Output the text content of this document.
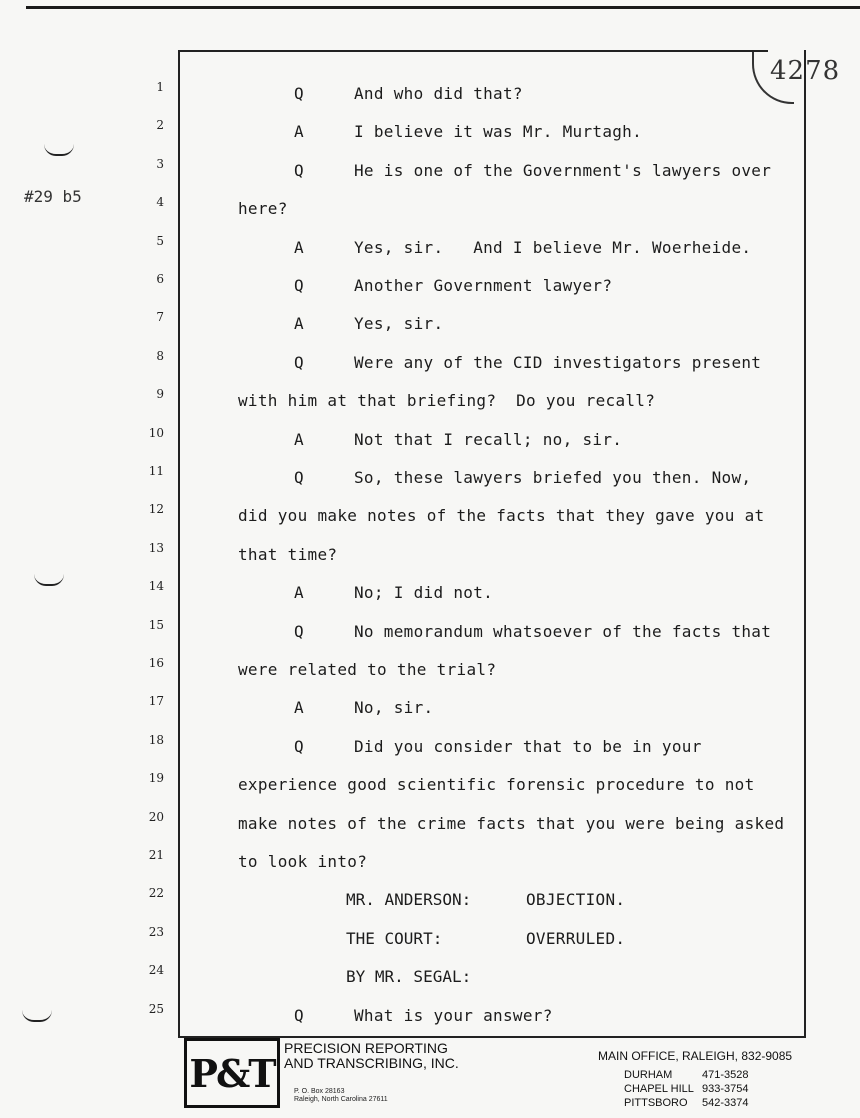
4278
#29 b5
1	Q	And who did that?
2	A	I believe it was Mr. Murtagh.
3	Q	He is one of the Government's lawyers over
4	here?
5	A	Yes, sir.   And I believe Mr. Woerheide.
6	Q	Another Government lawyer?
7	A	Yes, sir.
8	Q	Were any of the CID investigators present
9	with him at that briefing?  Do you recall?
10	A	Not that I recall; no, sir.
11	Q	So, these lawyers briefed you then. Now,
12	did you make notes of the facts that they gave you at
13	that time?
14	A	No; I did not.
15	Q	No memorandum whatsoever of the facts that
16	were related to the trial?
17	A	No, sir.
18	Q	Did you consider that to be in your
19	experience good scientific forensic procedure to not
20	make notes of the crime facts that you were being asked
21	to look into?
22	MR. ANDERSON:	OBJECTION.
23	THE COURT:	OVERRULED.
24	BY MR. SEGAL:
25	Q	What is your answer?
P&T
PRECISION REPORTING
AND TRANSCRIBING, INC.
P. O. Box 28163
Raleigh, North Carolina 27611
MAIN OFFICE, RALEIGH, 832-9085
DURHAM	471-3528
CHAPEL HILL 933-3754
PITTSBORO	542-3374
